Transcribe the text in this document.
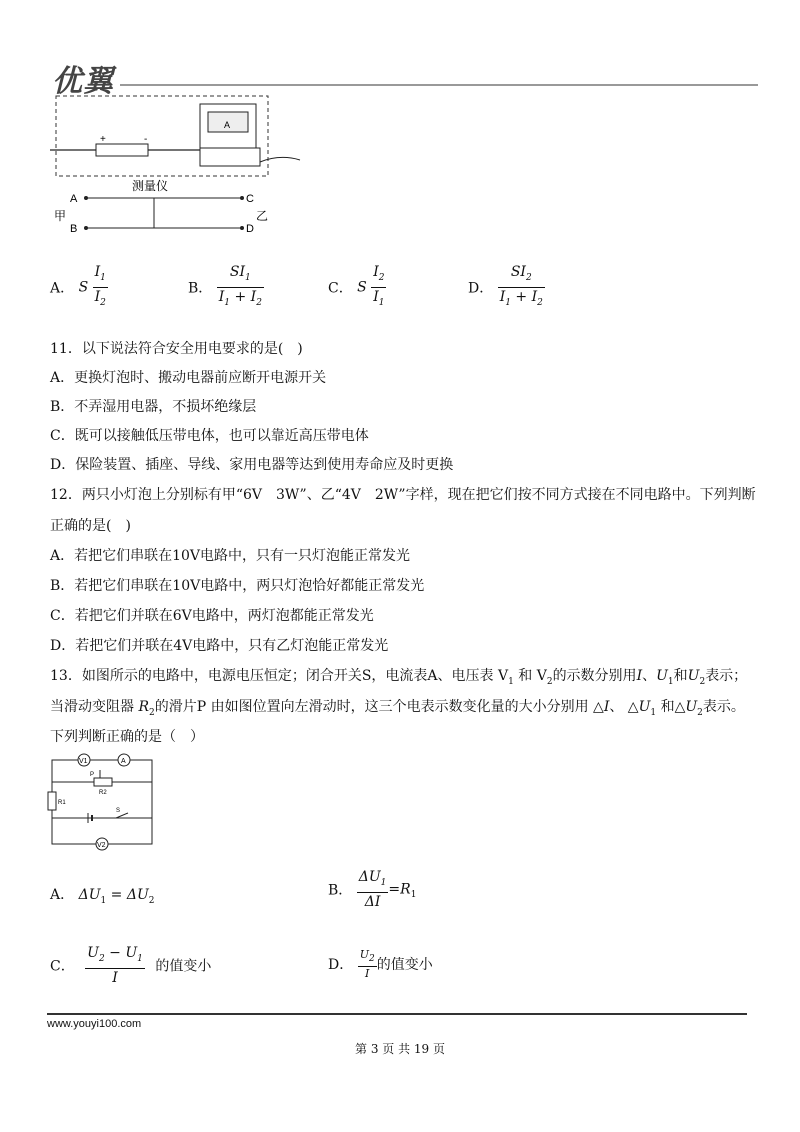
优翼
+	-
A
测量仪
A
B
C
D
甲	乙
A． S $\frac{I_1}{I_2}$	B． $\frac{SI_1}{I_1 + I_2}$	C． S $\frac{I_2}{I_1}$	D． $\frac{SI_2}{I_1 + I_2}$
11．以下说法符合安全用电要求的是(　)
A．更换灯泡时、搬动电器前应断开电源开关
B．不弄湿用电器，不损坏绝缘层
C．既可以接触低压带电体，也可以靠近高压带电体
D．保险装置、插座、导线、家用电器等达到使用寿命应及时更换
12．两只小灯泡上分别标有甲“6V　3W”、乙“4V　2W”字样，现在把它们按不同方式接在不同电路中。下列判断
正确的是(　)
A．若把它们串联在10V电路中，只有一只灯泡能正常发光
B．若把它们串联在10V电路中，两只灯泡恰好都能正常发光
C．若把它们并联在6V电路中，两灯泡都能正常发光
D．若把它们并联在4V电路中，只有乙灯泡能正常发光
13．如图所示的电路中，电源电压恒定；闭合开关S，电流表A、电压表 $V_1$ 和 $V_2$的示数分别用I、$U_1$和$U_2$表示；
当滑动变阻器 $R_2$的滑片P 由如图位置向左滑动时，这三个电表示数变化量的大小分别用 △I、 $\triangle U_1$ 和$\triangle U_2$表示。
下列判断正确的是（　）
V1	A
P
R2
R1
S
V2
A． $\Delta U_1 = \Delta U_2$
B． $\frac{\Delta U_1}{\Delta I} =R_1$
C． $\frac{U_2 - U_1}{I}$ 的值变小	D． $\frac{U_2}{I}$ 的值变小
www.youyi100.com
第 3 页 共 19 页
